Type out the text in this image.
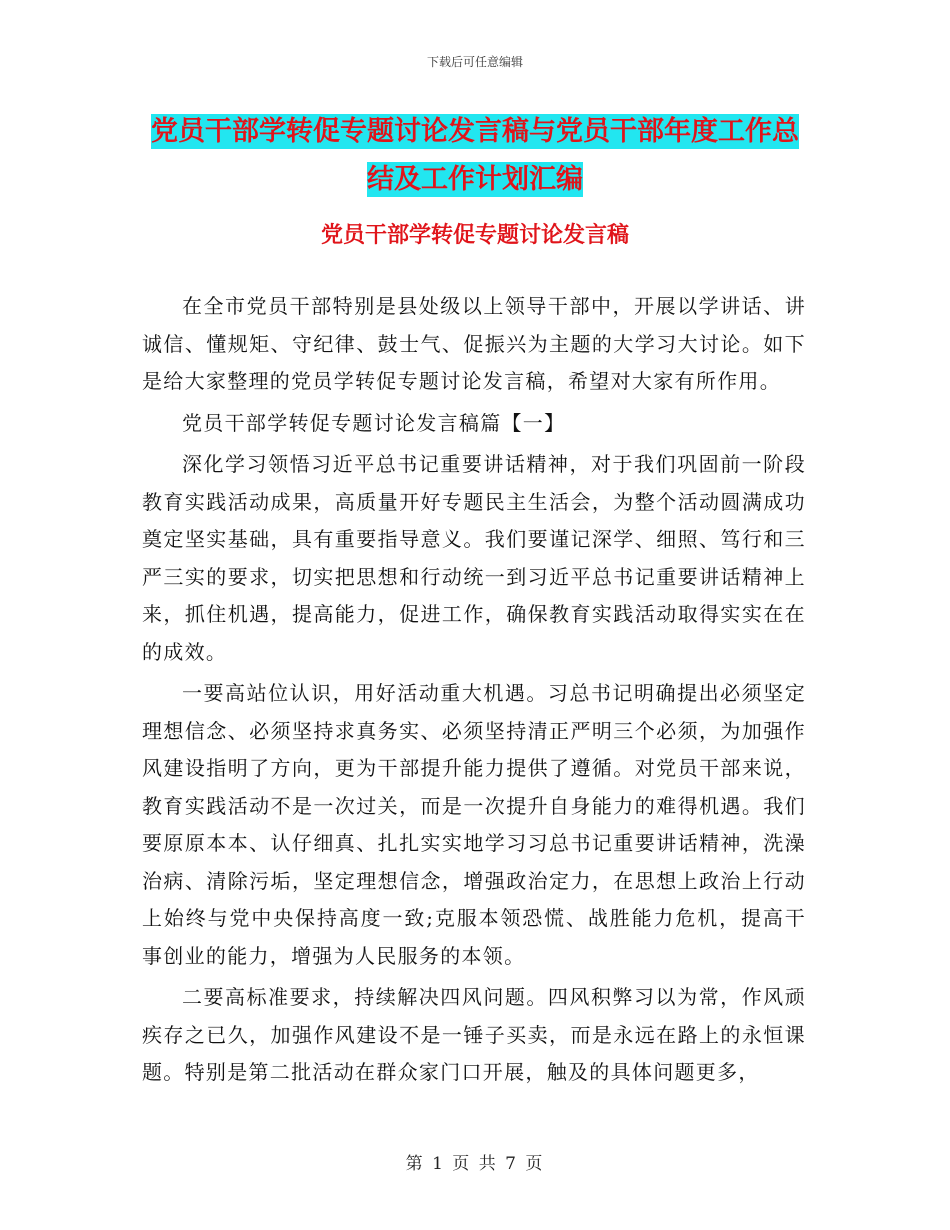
下载后可任意编辑
党员干部学转促专题讨论发言稿与党员干部年度工作总结及工作计划汇编
党员干部学转促专题讨论发言稿

在全市党员干部特别是县处级以上领导干部中，开展以学讲话、讲诚信、懂规矩、守纪律、鼓士气、促振兴为主题的大学习大讨论。如下是给大家整理的党员学转促专题讨论发言稿，希望对大家有所作用。

党员干部学转促专题讨论发言稿篇【一】

深化学习领悟习近平总书记重要讲话精神，对于我们巩固前一阶段教育实践活动成果，高质量开好专题民主生活会，为整个活动圆满成功奠定坚实基础，具有重要指导意义。我们要谨记深学、细照、笃行和三严三实的要求，切实把思想和行动统一到习近平总书记重要讲话精神上来，抓住机遇，提高能力，促进工作，确保教育实践活动取得实实在在的成效。

一要高站位认识，用好活动重大机遇。习总书记明确提出必须坚定理想信念、必须坚持求真务实、必须坚持清正严明三个必须，为加强作风建设指明了方向，更为干部提升能力提供了遵循。对党员干部来说，教育实践活动不是一次过关，而是一次提升自身能力的难得机遇。我们要原原本本、认仔细真、扎扎实实地学习习总书记重要讲话精神，洗澡治病、清除污垢，坚定理想信念，增强政治定力，在思想上政治上行动上始终与党中央保持高度一致;克服本领恐慌、战胜能力危机，提高干事创业的能力，增强为人民服务的本领。

二要高标准要求，持续解决四风问题。四风积弊习以为常，作风顽疾存之已久，加强作风建设不是一锤子买卖，而是永远在路上的永恒课题。特别是第二批活动在群众家门口开展，触及的具体问题更多，

第 1 页 共 7 页
